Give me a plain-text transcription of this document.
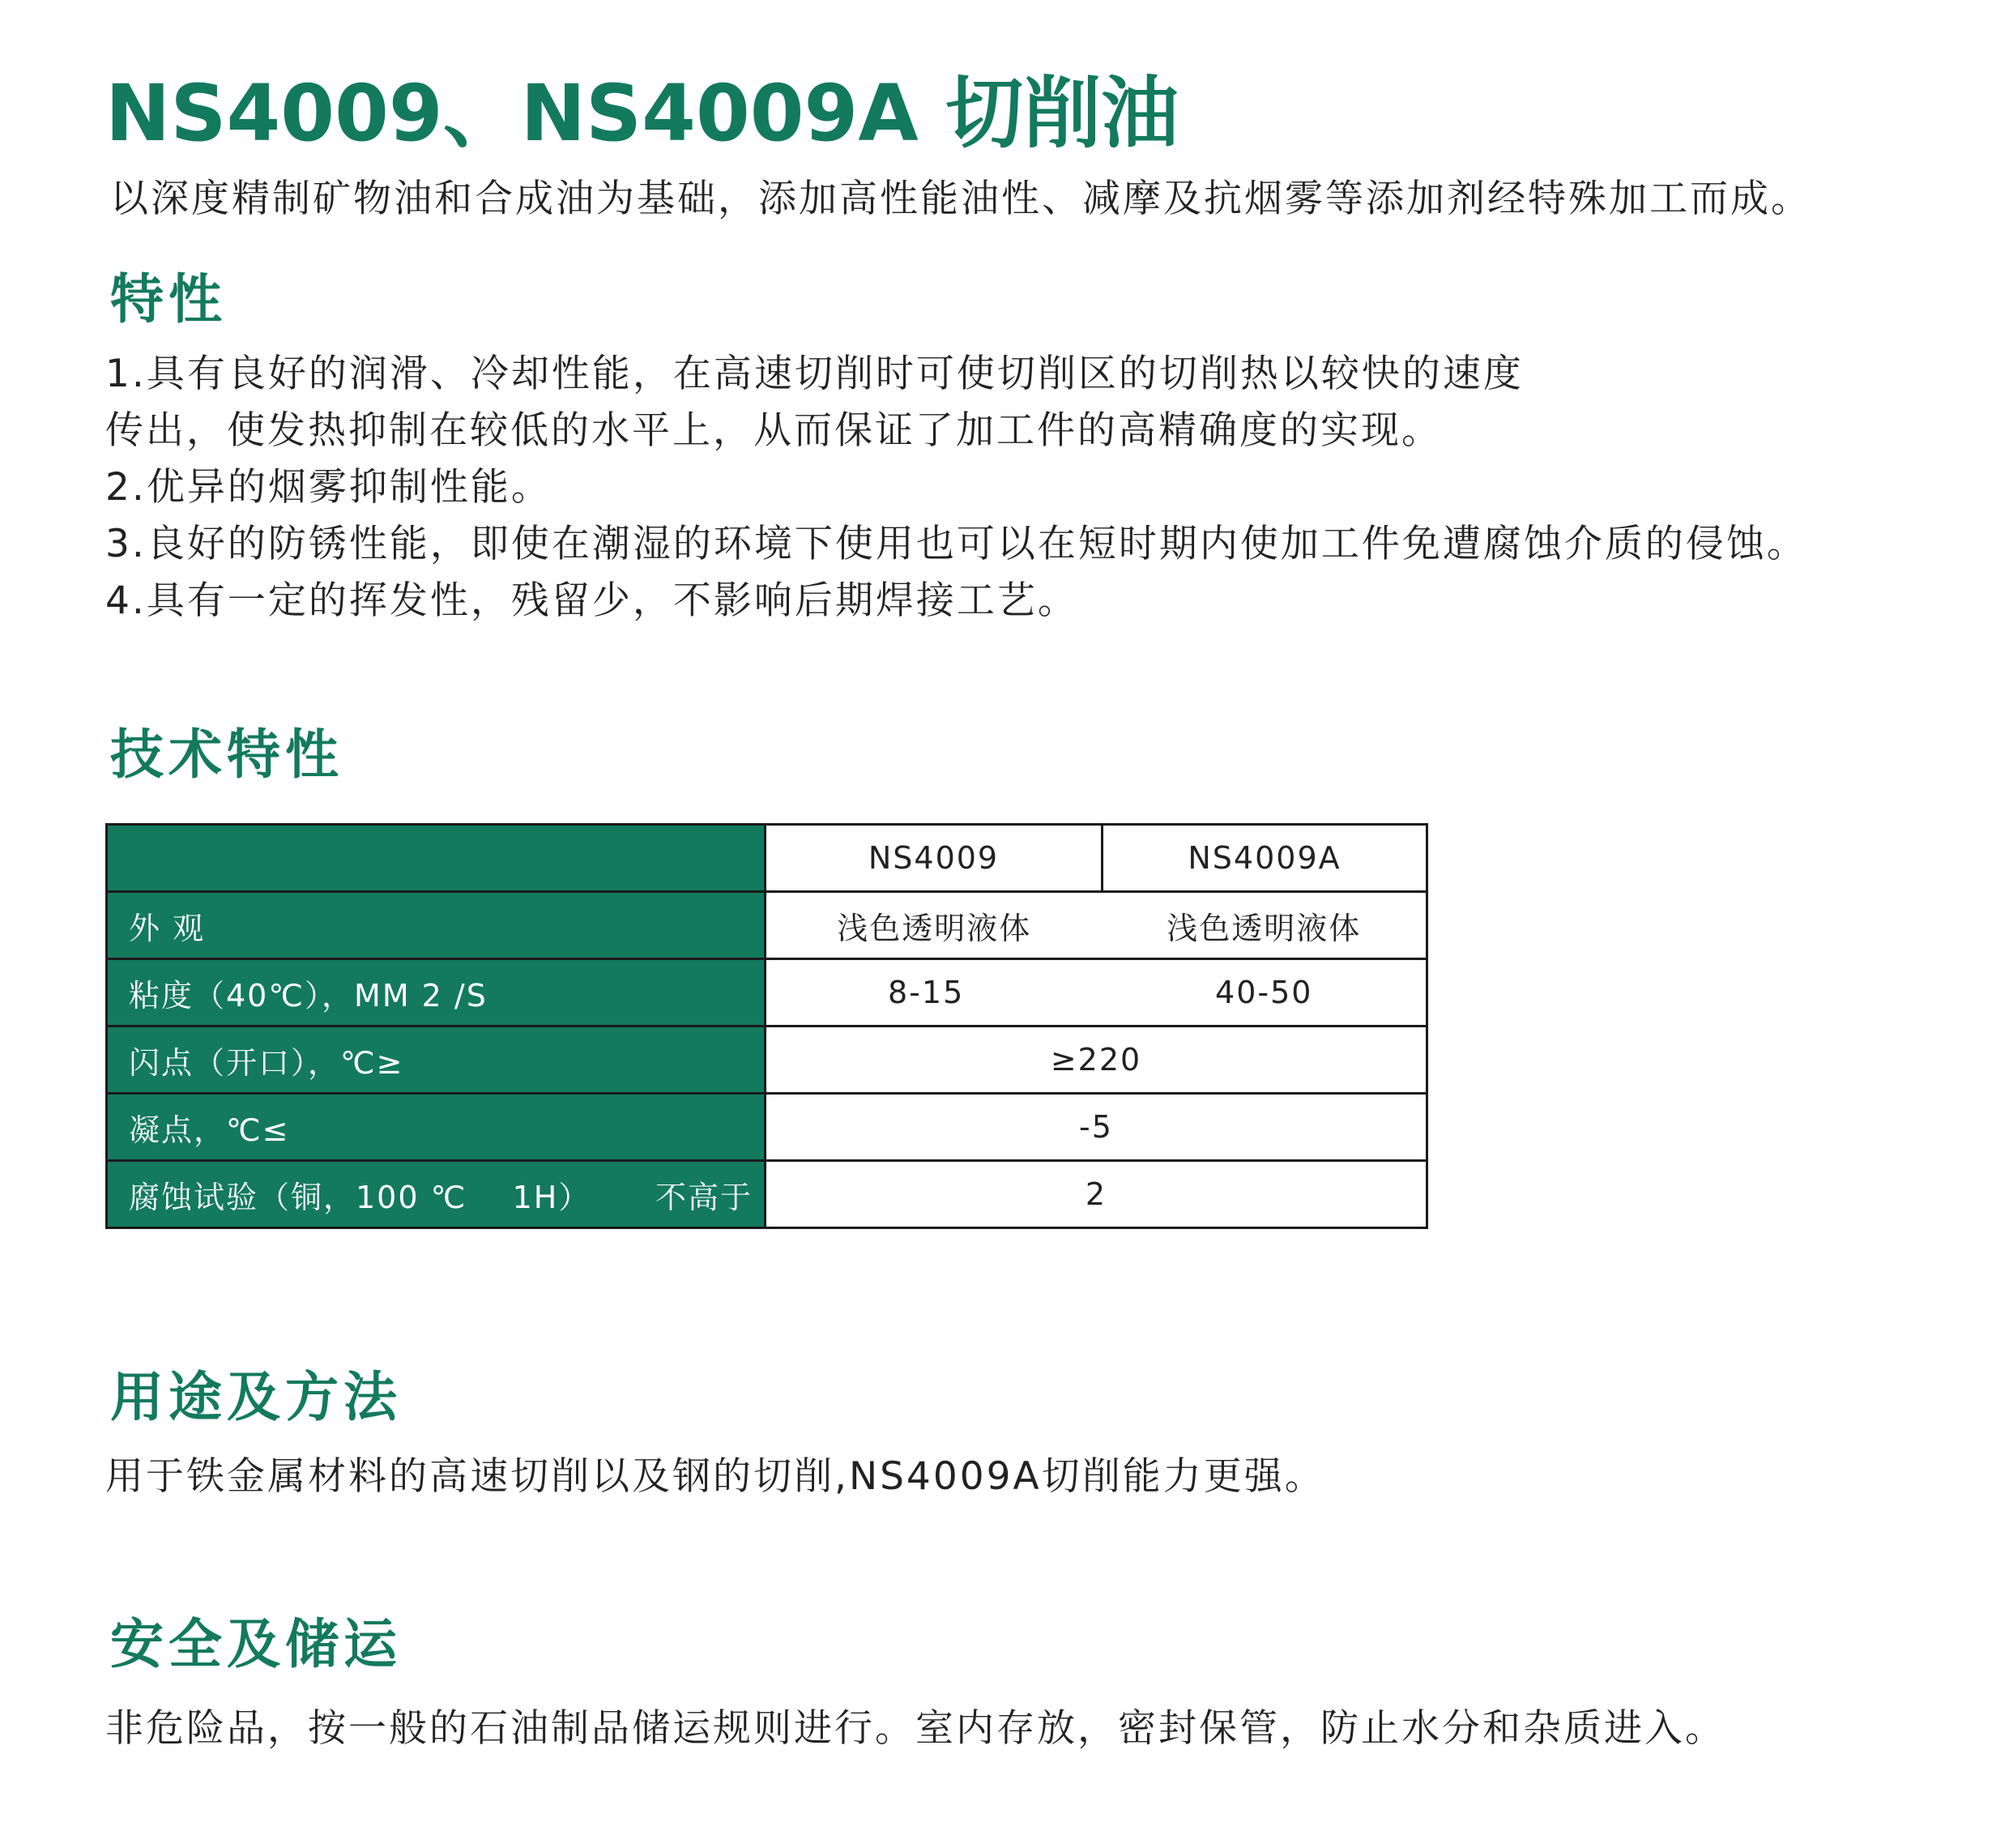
NS4009、NS4009A 切削油
以深度精制矿物油和合成油为基础，添加高性能油性、减摩及抗烟雾等添加剂经特殊加工而成。
特性
1.具有良好的润滑、冷却性能，在高速切削时可使切削区的切削热以较快的速度
传出，使发热抑制在较低的水平上，从而保证了加工件的高精确度的实现。
2.优异的烟雾抑制性能。
3.良好的防锈性能，即使在潮湿的环境下使用也可以在短时期内使加工件免遭腐蚀介质的侵蚀。
4.具有一定的挥发性，残留少，不影响后期焊接工艺。
技术特性
	NS4009	NS4009A
外 观	浅色透明液体	浅色透明液体
粘度（40℃），MM 2 /S	8-15	40-50
闪点（开口），℃≥	≥220	
凝点，℃≤	-5	

腐蚀试验（铜，100 ℃    1H） 不高于	2	
用途及方法
用于铁金属材料的高速切削以及钢的切削,NS4009A切削能力更强。
安全及储运
非危险品，按一般的石油制品储运规则进行。室内存放，密封保管，防止水分和杂质进入。
